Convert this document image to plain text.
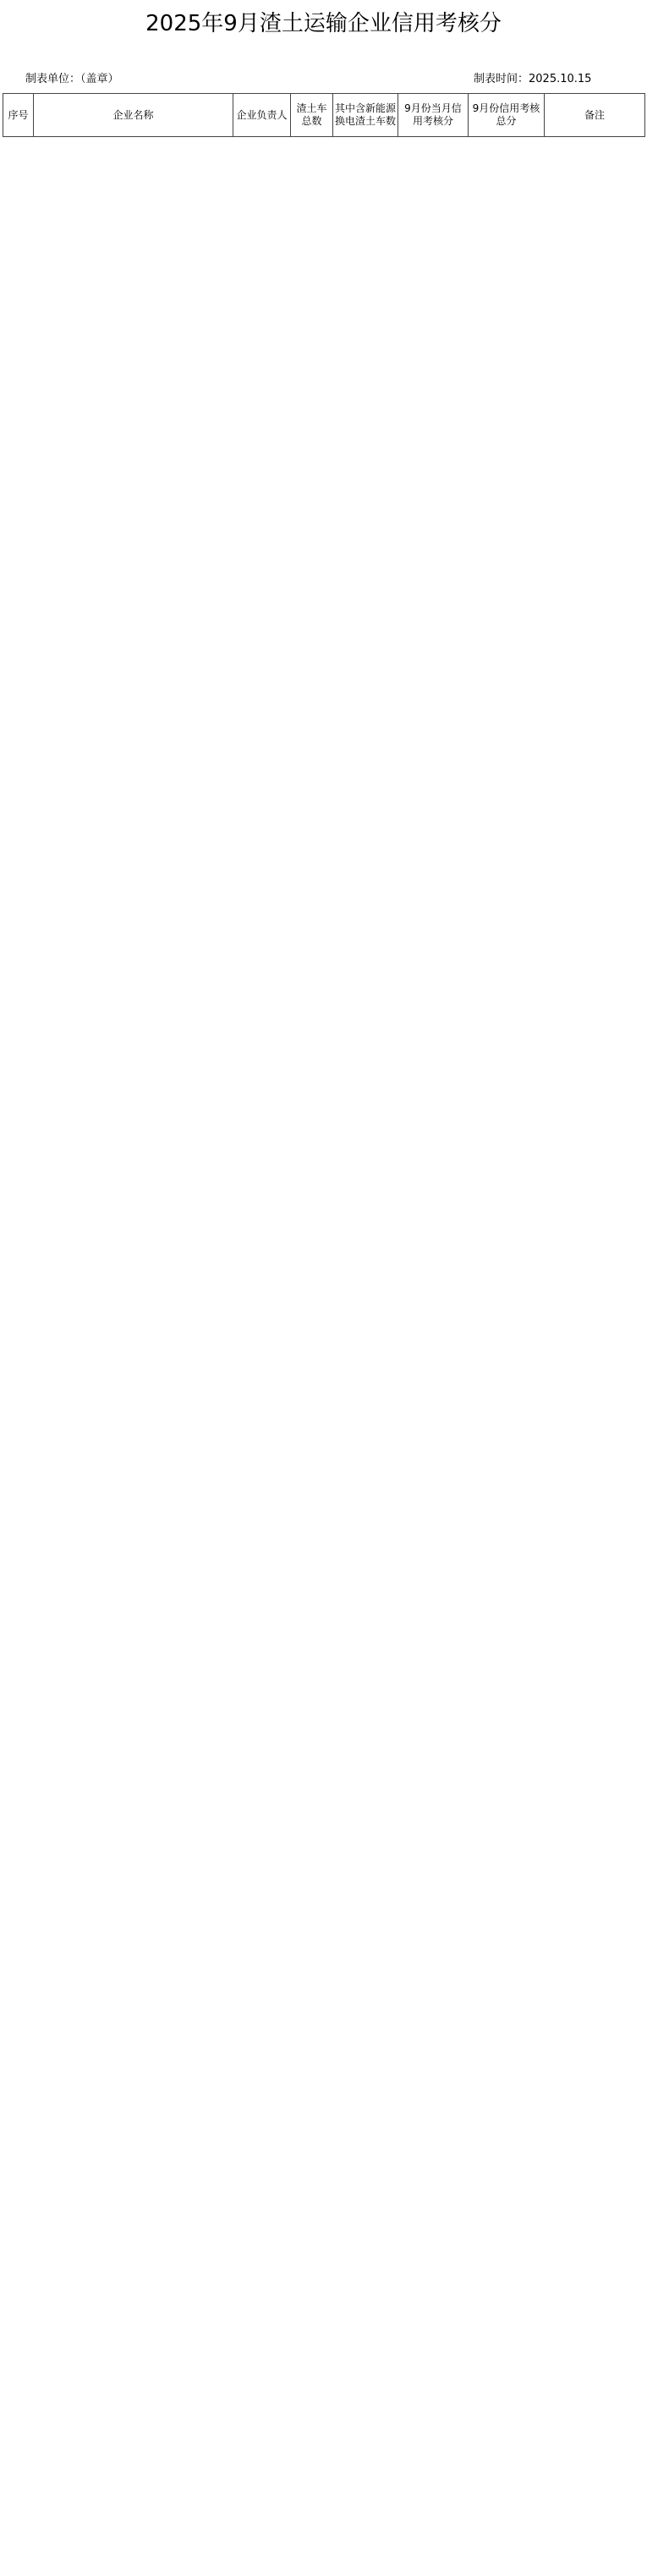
2025年9月渣土运输企业信用考核分
制表单位：（盖章）	制表时间：2025.10.15
序号	企业名称	企业负责人	渣土车总数	其中含新能源换电渣土车数	9月份当月信用考核分	9月份信用考核总分	备注
